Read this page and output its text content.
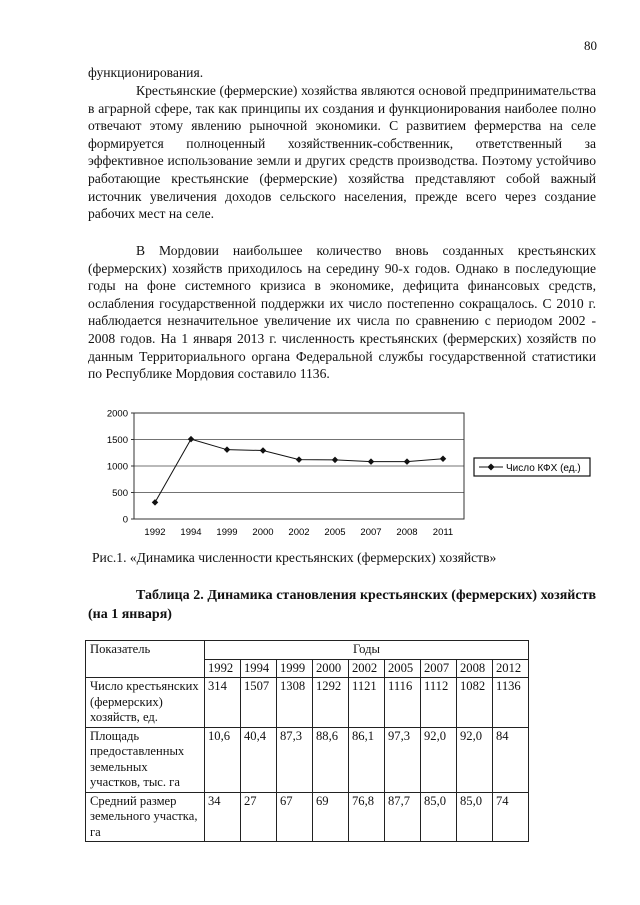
80

функционирования.

Крестьянские (фермерские) хозяйства являются основой предпринимательства в аграрной сфере, так как принципы их создания и функционирования наиболее полно отвечают этому явлению рыночной экономики. С развитием фермерства на селе формируется полноценный хозяйственник-собственник, ответственный за эффективное использование земли и других средств производства. Поэтому устойчиво работающие крестьянские (фермерские) хозяйства представляют собой важный источник увеличения доходов сельского населения, прежде всего через создание рабочих мест на селе.

В Мордовии наибольшее количество вновь созданных крестьянских (фермерских) хозяйств приходилось на середину 90-х годов. Однако в последующие годы на фоне системного кризиса в экономике, дефицита финансовых средств, ослабления государственной поддержки их число постепенно сокращалось. С 2010 г. наблюдается незначительное увеличение их числа по сравнению с периодом 2002 - 2008 годов. На 1 января 2013 г. численность крестьянских (фермерских) хозяйств по данным Территориального органа Федеральной службы государственной статистики по Республике Мордовия составило 1136.

0
500
1000
1500
2000
1992 1994 1999 2000 2002 2005 2007 2008 2011
Число КФХ (ед.)
Рис.1. «Динамика численности крестьянских (фермерских) хозяйств»
Таблица 2. Динамика становления крестьянских (фермерских) хозяйств (на 1 января)
Показатель	Годы								
	1992	1994	1999	2000	2002	2005	2007	2008	2012
Число крестьянских (фермерских) хозяйств, ед.	314	1507	1308	1292	1121	1116	1112	1082	1136
Площадь предоставленных земельных участков, тыс. га	10,6	40,4	87,3	88,6	86,1	97,3	92,0	92,0	84
Средний размер земельного участка, га	34	27	67	69	76,8	87,7	85,0	85,0	74
